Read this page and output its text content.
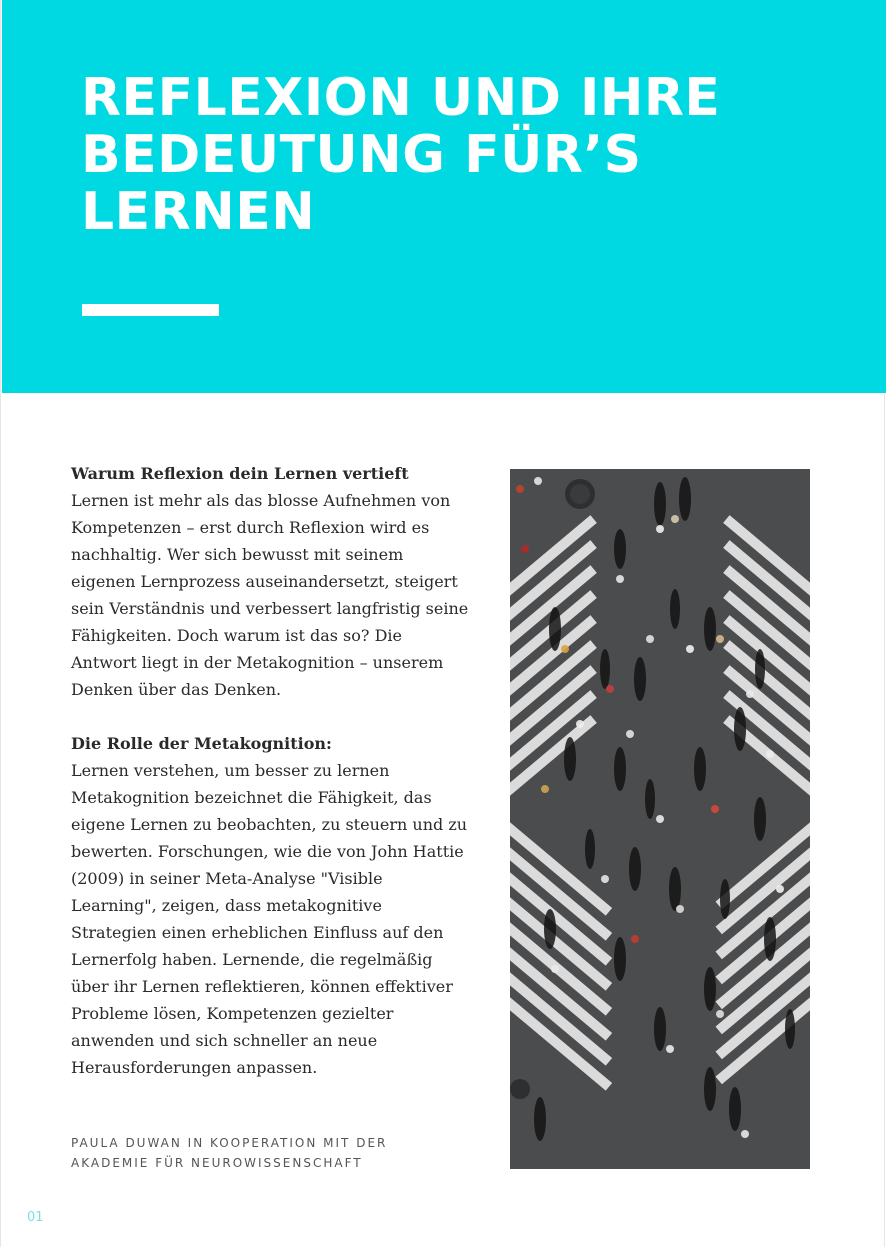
REFLEXION UND IHRE
BEDEUTUNG FÜR’S
LERNEN

Warum Reflexion dein Lernen vertieft

Lernen ist mehr als das blosse Aufnehmen von Kompetenzen – erst durch Reflexion wird es nachhaltig. Wer sich bewusst mit seinem eigenen Lernprozess auseinandersetzt, steigert sein Verständnis und verbessert langfristig seine Fähigkeiten. Doch warum ist das so? Die Antwort liegt in der Metakognition – unserem Denken über das Denken.

Die Rolle der Metakognition:

Lernen verstehen, um besser zu lernen

Metakognition bezeichnet die Fähigkeit, das eigene Lernen zu beobachten, zu steuern und zu bewerten. Forschungen, wie die von John Hattie (2009) in seiner Meta-Analyse "Visible Learning", zeigen, dass metakognitive Strategien einen erheblichen Einfluss auf den Lernerfolg haben. Lernende, die regelmäßig über ihr Lernen reflektieren, können effektiver Probleme lösen, Kompetenzen gezielter anwenden und sich schneller an neue Herausforderungen anpassen.

PAULA DUWAN IN KOOPERATION MIT DER AKADEMIE FÜR NEUROWISSENSCHAFT
01
